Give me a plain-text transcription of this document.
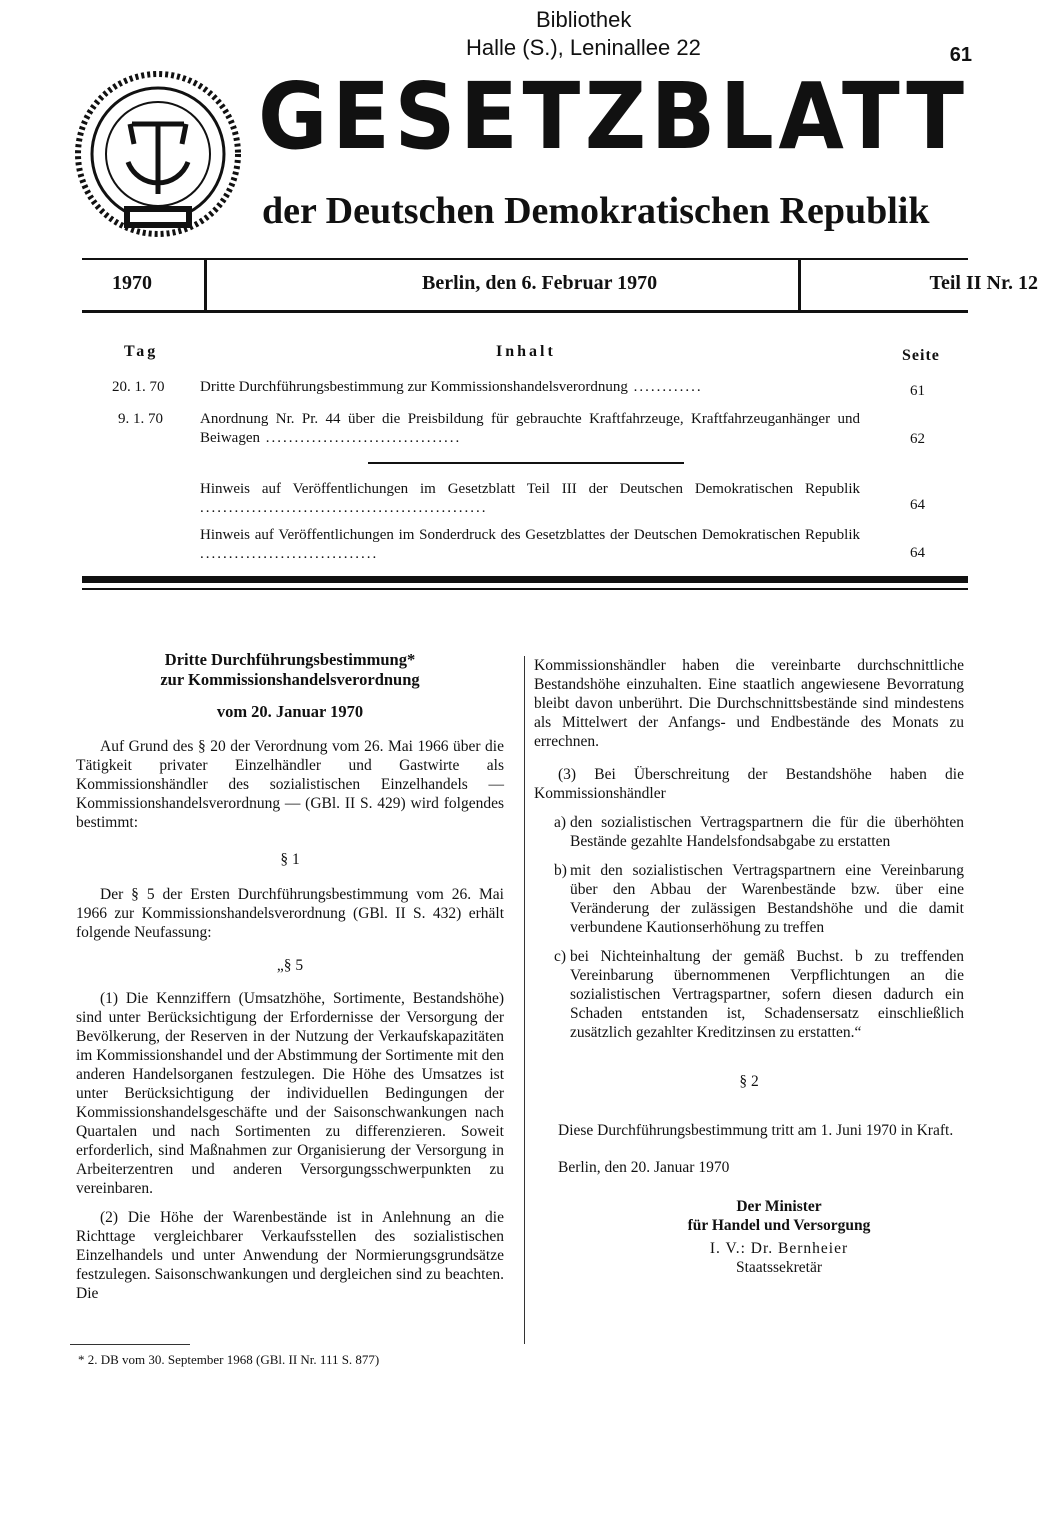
Bibliothek
Halle (S.), Leninallee 22	61
GESETZBLATT
der Deutschen Demokratischen Republik
1970	Berlin, den 6. Februar 1970	Teil II Nr. 12
Tag	Inhalt	Seite
20. 1. 70 Dritte Durchführungsbestimmung zur Kommissionshandelsverordnung ............	61
9. 1. 70 Anordnung Nr. Pr. 44 über die Preisbildung für gebrauchte Kraftfahrzeuge, Kraftfahrzeuganhänger und Beiwagen ..................................	62
Hinweis auf Veröffentlichungen im Gesetzblatt Teil III der Deutschen Demokratischen Republik ..................................................	64
Hinweis auf Veröffentlichungen im Sonderdruck des Gesetzblattes der Deutschen Demokratischen Republik ...............................	64
Dritte Durchführungsbestimmung*
zur Kommissionshandelsverordnung
vom 20. Januar 1970

Auf Grund des § 20 der Verordnung vom 26. Mai 1966 über die Tätigkeit privater Einzelhändler und Gastwirte als Kommissionshändler des sozialistischen Einzelhandels — Kommissionshandelsverordnung — (GBl. II S. 429) wird folgendes bestimmt:

§ 1

Der § 5 der Ersten Durchführungsbestimmung vom 26. Mai 1966 zur Kommissionshandelsverordnung (GBl. II S. 432) erhält folgende Neufassung:

„§ 5

(1) Die Kennziffern (Umsatzhöhe, Sortimente, Bestandshöhe) sind unter Berücksichtigung der Erfordernisse der Versorgung der Bevölkerung, der Reserven in der Nutzung der Verkaufskapazitäten im Kommissionshandel und der Abstimmung der Sortimente mit den anderen Handelsorganen festzulegen. Die Höhe des Umsatzes ist unter Berücksichtigung der individuellen Bedingungen der Kommissionshandelsgeschäfte und der Saisonschwankungen nach Quartalen und nach Sortimenten zu differenzieren. Soweit erforderlich, sind Maßnahmen zur Organisierung der Versorgung in Arbeiterzentren und anderen Versorgungsschwerpunkten zu vereinbaren.

(2) Die Höhe der Warenbestände ist in Anlehnung an die Richttage vergleichbarer Verkaufsstellen des sozialistischen Einzelhandels und unter Anwendung der Normierungsgrundsätze festzulegen. Saisonschwankungen und dergleichen sind zu beachten. Die

* 2. DB vom 30. September 1968 (GBl. II Nr. 111 S. 877)

Kommissionshändler haben die vereinbarte durchschnittliche Bestandshöhe einzuhalten. Eine staatlich angewiesene Bevorratung bleibt davon unberührt. Die Durchschnittsbestände sind mindestens als Mittelwert der Anfangs- und Endbestände des Monats zu errechnen.

(3) Bei Überschreitung der Bestandshöhe haben die Kommissionshändler

a) den sozialistischen Vertragspartnern die für die überhöhten Bestände gezahlte Handelsfondsabgabe zu erstatten
b) mit den sozialistischen Vertragspartnern eine Vereinbarung über den Abbau der Warenbestände bzw. über eine Veränderung der zulässigen Bestandshöhe und die damit verbundene Kautionserhöhung zu treffen
c) bei Nichteinhaltung der gemäß Buchst. b zu treffenden Vereinbarung übernommenen Verpflichtungen an die sozialistischen Vertragspartner, sofern diesen dadurch ein Schaden entstanden ist, Schadensersatz einschließlich zusätzlich gezahlter Kreditzinsen zu erstatten.“
§ 2

Diese Durchführungsbestimmung tritt am 1. Juni 1970 in Kraft.

Berlin, den 20. Januar 1970

Der Minister
für Handel und Versorgung
I. V.: Dr. Bernheier
Staatssekretär
